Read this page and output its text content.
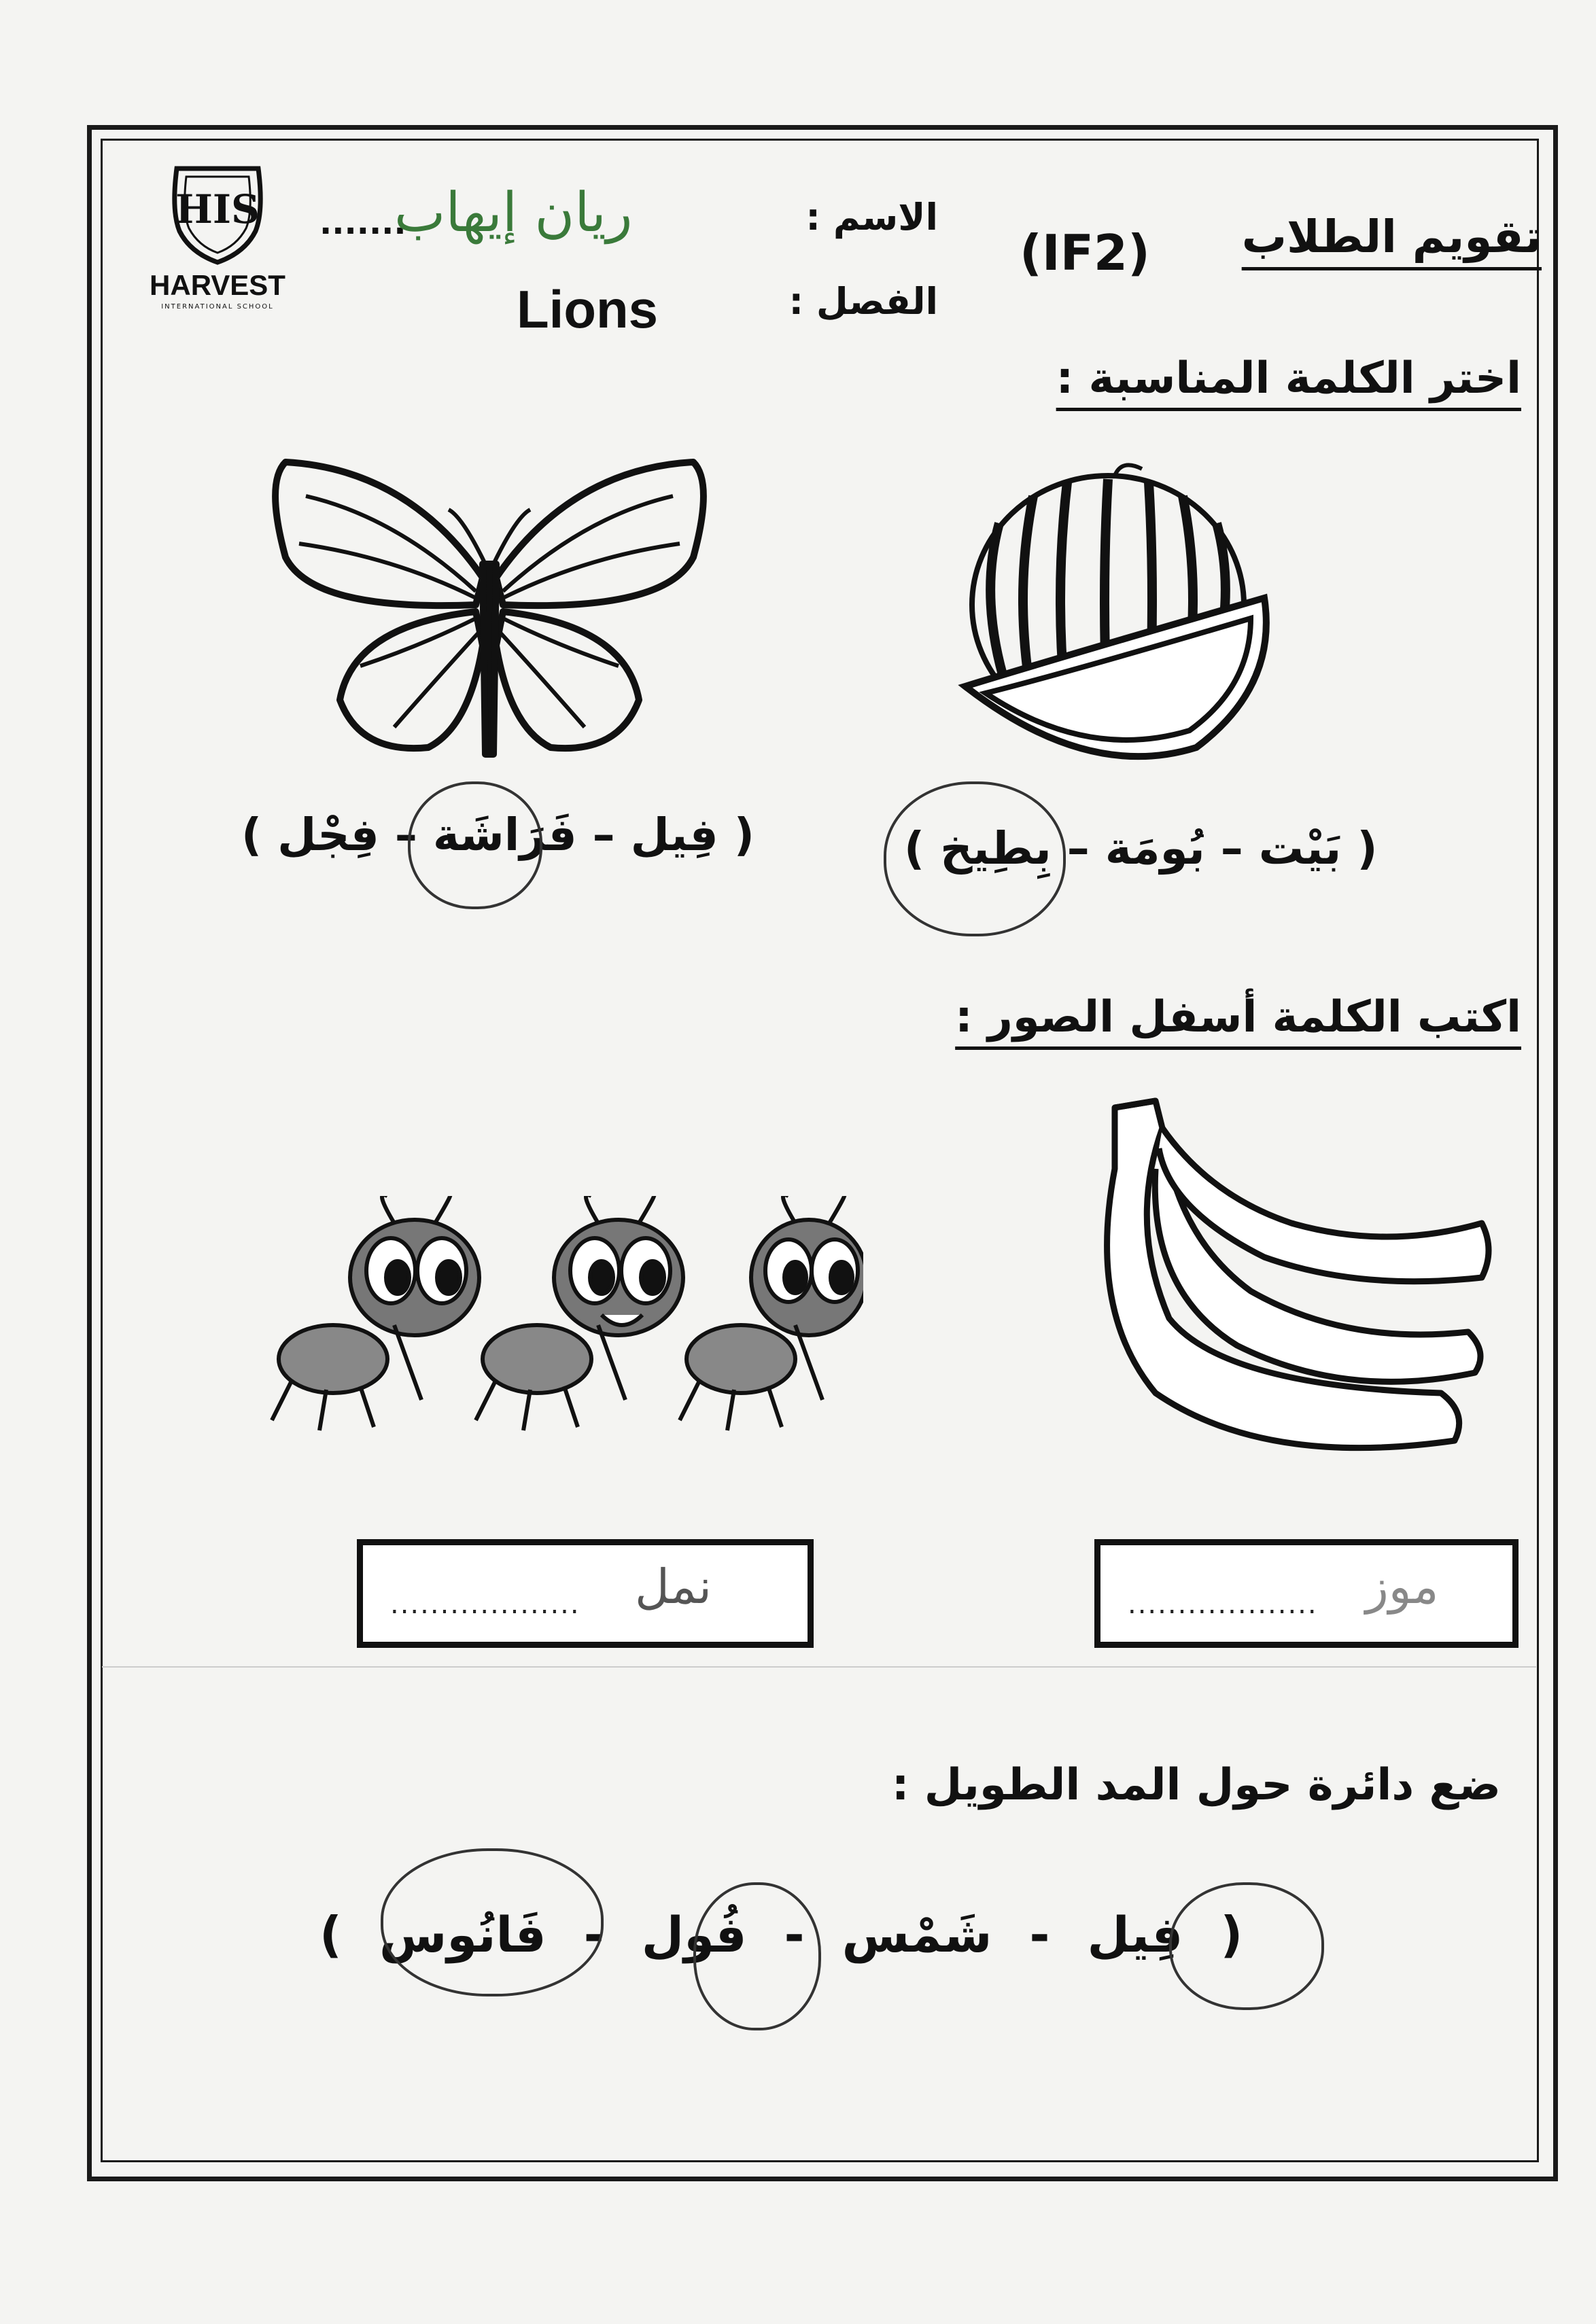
HIS
HARVEST
INTERNATIONAL SCHOOL
تقويم الطلاب
(IF2)
الاسم :
.......
ريان إيهاب
الفصل :
Lions
اختر الكلمة المناسبة :
( فِيل – فَرَاشَة – فِجْل )	( بَيْت – بُومَة – بِطِيخ )
اكتب الكلمة أسفل الصور :
................... نمل	................... موز
ضع دائرة حول المد الطويل :
( فِيل - شَمْس - فُول - فَانُوس )
